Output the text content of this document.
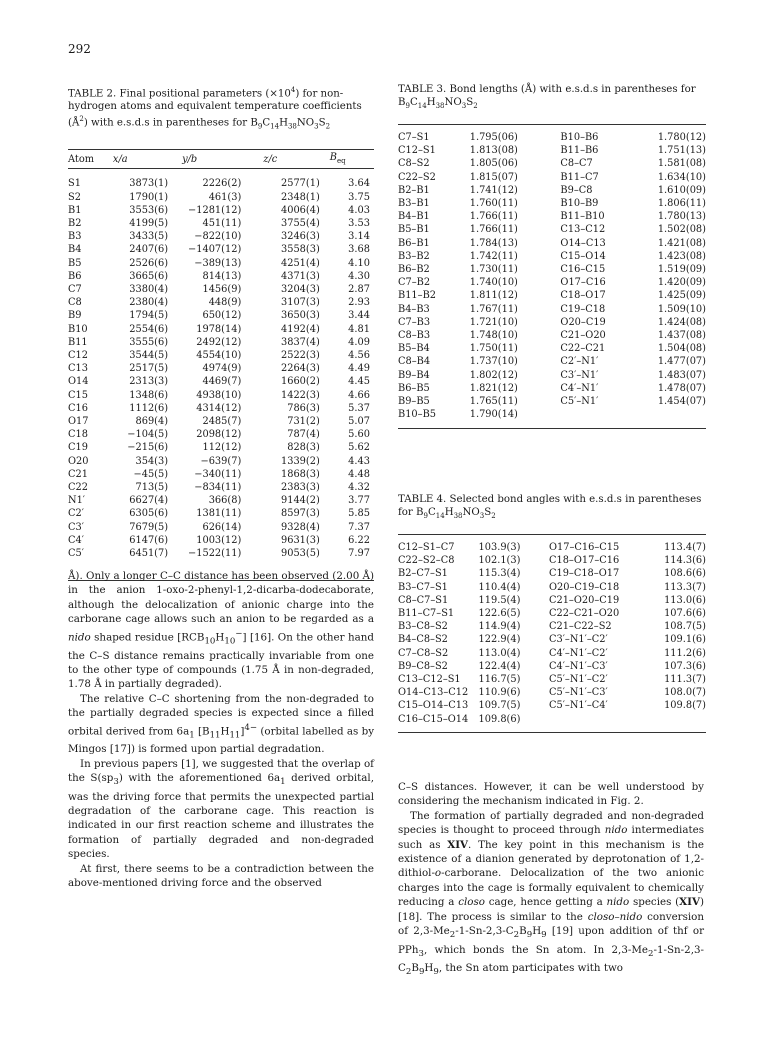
292

TABLE 2. Final positional parameters $(\times 10^4)$ for non-hydrogen atoms and equivalent temperature coefficients $(Å^2)$ with e.s.d.s in parentheses for $B_9C_{14}H_{38}NO_3S_2$

Atom	x/a	y/b	z/c	$B_{eq}$
S1	3873(1)	2226(2)	2577(1)	3.64
S2	1790(1)	461(3)	2348(1)	3.75
B1	3553(6)	−1281(12)	4006(4)	4.03
B2	4199(5)	451(11)	3755(4)	3.53
B3	3433(5)	−822(10)	3246(3)	3.14
B4	2407(6)	−1407(12)	3558(3)	3.68
B5	2526(6)	−389(13)	4251(4)	4.10
B6	3665(6)	814(13)	4371(3)	4.30
C7	3380(4)	1456(9)	3204(3)	2.87
C8	2380(4)	448(9)	3107(3)	2.93
B9	1794(5)	650(12)	3650(3)	3.44
B10	2554(6)	1978(14)	4192(4)	4.81
B11	3555(6)	2492(12)	3837(4)	4.09
C12	3544(5)	4554(10)	2522(3)	4.56
C13	2517(5)	4974(9)	2264(3)	4.49
O14	2313(3)	4469(7)	1660(2)	4.45
C15	1348(6)	4938(10)	1422(3)	4.66
C16	1112(6)	4314(12)	786(3)	5.37
O17	869(4)	2485(7)	731(2)	5.07
C18	−104(5)	2098(12)	787(4)	5.60
C19	−215(6)	112(12)	828(3)	5.62
O20	354(3)	−639(7)	1339(2)	4.43
C21	−45(5)	−340(11)	1868(3)	4.48
C22	713(5)	−834(11)	2383(3)	4.32
N1′	6627(4)	366(8)	9144(2)	3.77
C2′	6305(6)	1381(11)	8597(3)	5.85
C3′	7679(5)	626(14)	9328(4)	7.37
C4′	6147(6)	1003(12)	9631(3)	6.22
C5′	6451(7)	−1522(11)	9053(5)	7.97

TABLE 3. Bond lengths (Å) with e.s.d.s in parentheses for $B_9C_{14}H_{38}NO_3S_2$

C7–S1	1.795(06)	B10–B6	1.780(12)
C12–S1	1.813(08)	B11–B6	1.751(13)
C8–S2	1.805(06)	C8–C7	1.581(08)
C22–S2	1.815(07)	B11–C7	1.634(10)
B2–B1	1.741(12)	B9–C8	1.610(09)
B3–B1	1.760(11)	B10–B9	1.806(11)
B4–B1	1.766(11)	B11–B10	1.780(13)
B5–B1	1.766(11)	C13–C12	1.502(08)
B6–B1	1.784(13)	O14–C13	1.421(08)
B3–B2	1.742(11)	C15–O14	1.423(08)
B6–B2	1.730(11)	C16–C15	1.519(09)
C7–B2	1.740(10)	O17–C16	1.420(09)
B11–B2	1.811(12)	C18–O17	1.425(09)
B4–B3	1.767(11)	C19–C18	1.509(10)
C7–B3	1.721(10)	O20–C19	1.424(08)
C8–B3	1.748(10)	C21–O20	1.437(08)
B5–B4	1.750(11)	C22–C21	1.504(08)
C8–B4	1.737(10)	C2′–N1′	1.477(07)
B9–B4	1.802(12)	C3′–N1′	1.483(07)
B6–B5	1.821(12)	C4′–N1′	1.478(07)
B9–B5	1.765(11)	C5′–N1′	1.454(07)
B10–B5	1.790(14)		

TABLE 4. Selected bond angles with e.s.d.s in parentheses for $B_9C_{14}H_{38}NO_3S_2$

C12–S1–C7	103.9(3)	O17–C16–C15	113.4(7)
C22–S2–C8	102.1(3)	C18–O17–C16	114.3(6)
B2–C7–S1	115.3(4)	C19–C18–O17	108.6(6)
B3–C7–S1	110.4(4)	O20–C19–C18	113.3(7)
C8–C7–S1	119.5(4)	C21–O20–C19	113.0(6)
B11–C7–S1	122.6(5)	C22–C21–O20	107.6(6)
B3–C8–S2	114.9(4)	C21–C22–S2	108.7(5)
B4–C8–S2	122.9(4)	C3′–N1′–C2′	109.1(6)
C7–C8–S2	113.0(4)	C4′–N1′–C2′	111.2(6)
B9–C8–S2	122.4(4)	C4′–N1′–C3′	107.3(6)
C13–C12–S1	116.7(5)	C5′–N1′–C2′	111.3(7)
O14–C13–C12	110.9(6)	C5′–N1′–C3′	108.0(7)
C15–O14–C13	109.7(5)	C5′–N1′–C4′	109.8(7)
C16–C15–O14	109.8(6)		

Å). Only a longer C–C distance has been observed (2.00 Å) in the anion 1-oxo-2-phenyl-1,2-dicarba-dodecaborate, although the delocalization of anionic charge into the carborane cage allows such an anion to be regarded as a nido shaped residue $[RCB_{10}H_{10}^-]$ [16]. On the other hand the C–S distance remains practically invariable from one to the other type of compounds (1.75 Å in non-degraded, 1.78 Å in partially degraded).

The relative C–C shortening from the non-degraded to the partially degraded species is expected since a filled orbital derived from $6a_1$ $[B_{11}H_{11}]^{4-}$ (orbital labelled as by Mingos [17]) is formed upon partial degradation.

In previous papers [1], we suggested that the overlap of the $S(sp_3)$ with the aforementioned $6a_1$ derived orbital, was the driving force that permits the unexpected partial degradation of the carborane cage. This reaction is indicated in our first reaction scheme and illustrates the formation of partially degraded and non-degraded species.

At first, there seems to be a contradiction between the above-mentioned driving force and the observed

C–S distances. However, it can be well understood by considering the mechanism indicated in Fig. 2.

The formation of partially degraded and non-degraded species is thought to proceed through nido intermediates such as XIV. The key point in this mechanism is the existence of a dianion generated by deprotonation of 1,2-dithiol-o-carborane. Delocalization of the two anionic charges into the cage is formally equivalent to chemically reducing a closo cage, hence getting a nido species (XIV) [18]. The process is similar to the closo–nido conversion of $2,3-Me_2-1-Sn-2,3-C_2B_9H_9$ [19] upon addition of thf or PPh$_3$, which bonds the Sn atom. In $2,3-Me_2-1-Sn-2,3-C_2B_9H_9$, the Sn atom participates with two
